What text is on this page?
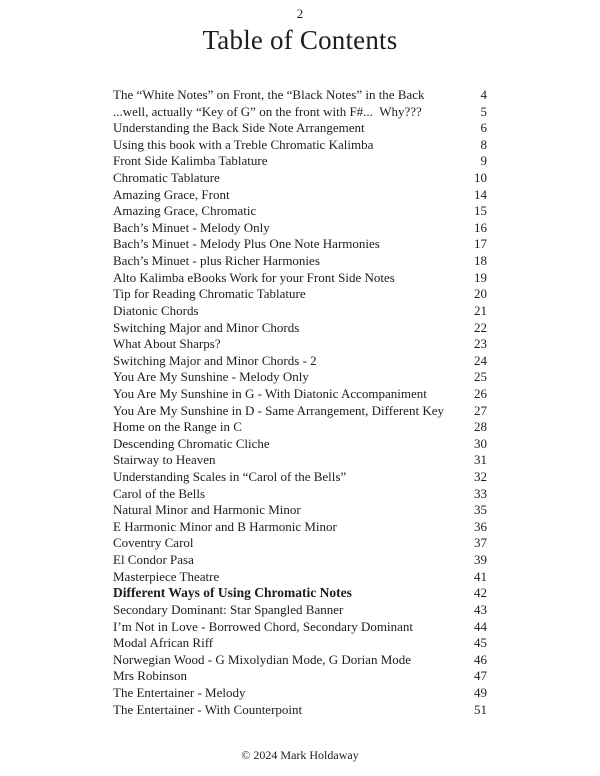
2
Table of Contents
The “White Notes” on Front, the “Black Notes” in the Back	4
...well, actually “Key of G” on the front with F#...  Why???	5
Understanding the Back Side Note Arrangement	6
Using this book with a Treble Chromatic Kalimba	8
Front Side Kalimba Tablature	9
Chromatic Tablature	10
Amazing Grace, Front	14
Amazing Grace, Chromatic	15
Bach’s Minuet - Melody Only	16
Bach’s Minuet - Melody Plus One Note Harmonies	17
Bach’s Minuet - plus Richer Harmonies	18
Alto Kalimba eBooks Work for your Front Side Notes	19
Tip for Reading Chromatic Tablature	20
Diatonic Chords	21
Switching Major and Minor Chords	22
What About Sharps?	23
Switching Major and Minor Chords - 2	24
You Are My Sunshine - Melody Only	25
You Are My Sunshine in G - With Diatonic Accompaniment	26
You Are My Sunshine in D - Same Arrangement, Different Key	27
Home on the Range in C	28
Descending Chromatic Cliche	30
Stairway to Heaven	31
Understanding Scales in “Carol of the Bells”	32
Carol of the Bells	33
Natural Minor and Harmonic Minor	35
E Harmonic Minor and B Harmonic Minor	36
Coventry Carol	37
El Condor Pasa	39
Masterpiece Theatre	41
Different Ways of Using Chromatic Notes	42
Secondary Dominant: Star Spangled Banner	43
I’m Not in Love - Borrowed Chord, Secondary Dominant	44
Modal African Riff	45
Norwegian Wood - G Mixolydian Mode, G Dorian Mode	46
Mrs Robinson	47
The Entertainer - Melody	49
The Entertainer - With Counterpoint	51
© 2024 Mark Holdaway
